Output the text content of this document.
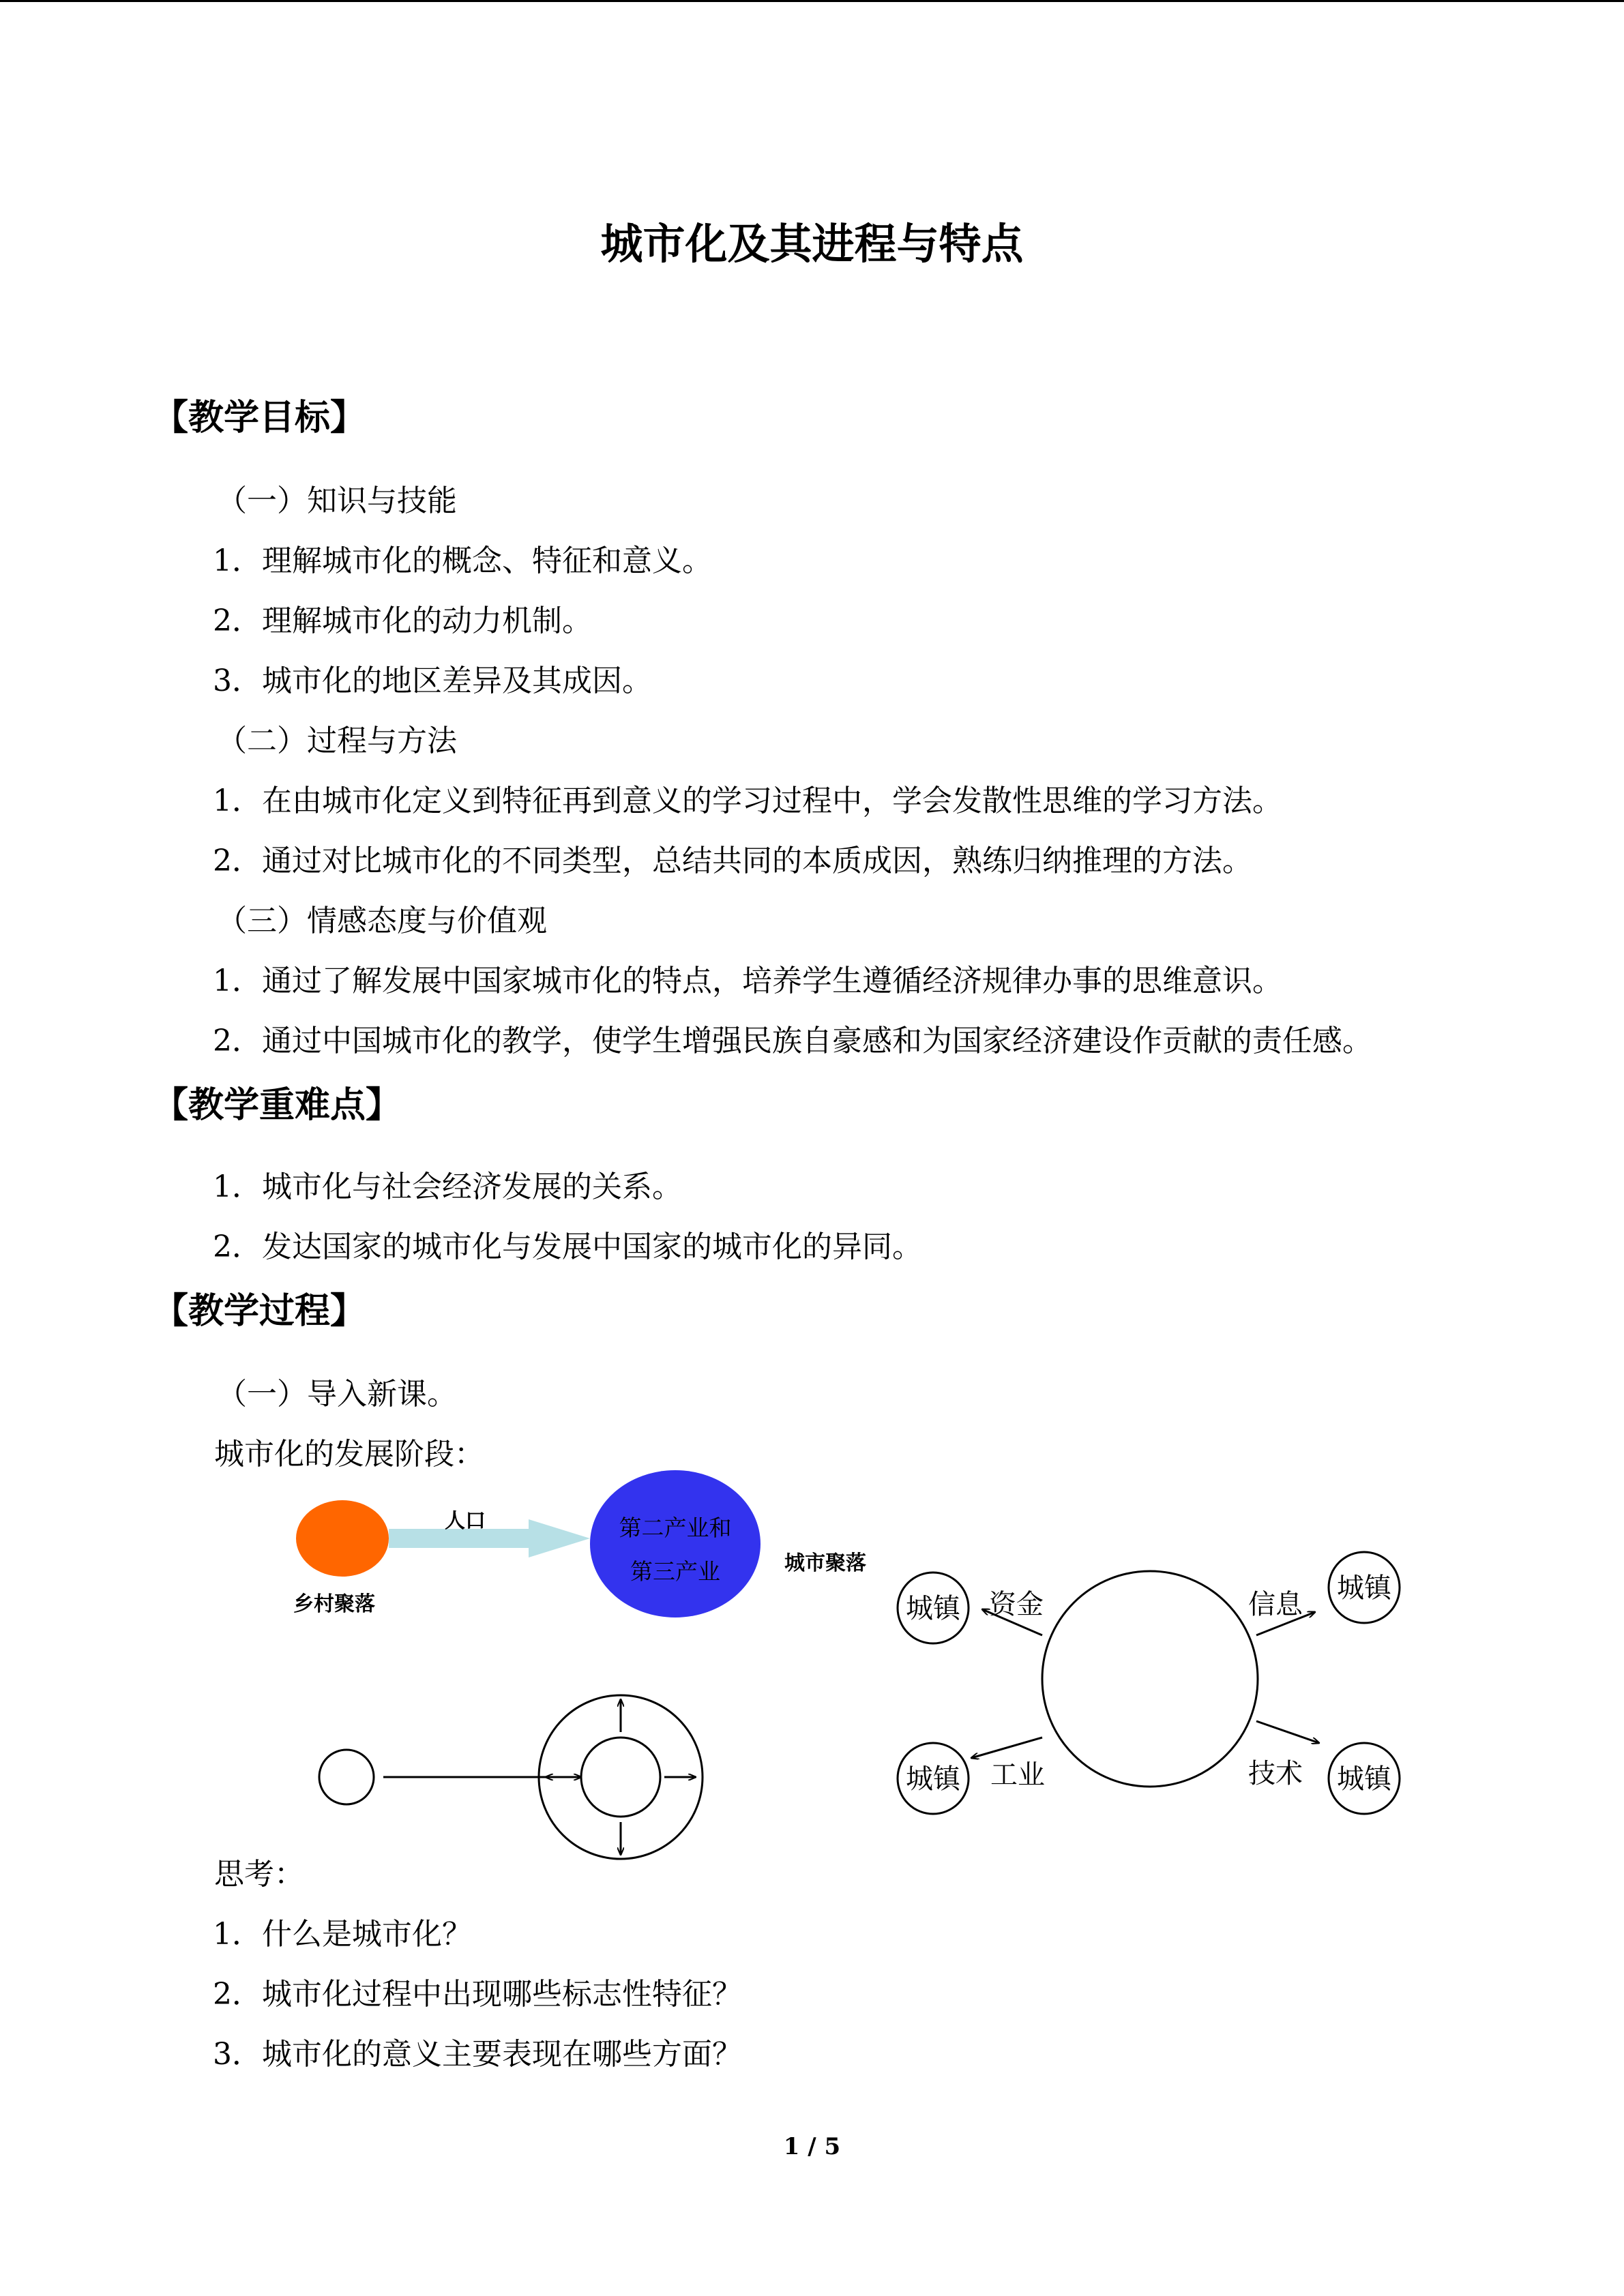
城市化及其进程与特点
【教学目标】
（一）知识与技能
1．理解城市化的概念、特征和意义。
2．理解城市化的动力机制。
3．城市化的地区差异及其成因。
（二）过程与方法
1．在由城市化定义到特征再到意义的学习过程中，学会发散性思维的学习方法。
2．通过对比城市化的不同类型，总结共同的本质成因，熟练归纳推理的方法。
（三）情感态度与价值观
1．通过了解发展中国家城市化的特点，培养学生遵循经济规律办事的思维意识。
2．通过中国城市化的教学，使学生增强民族自豪感和为国家经济建设作贡献的责任感。
【教学重难点】
1．城市化与社会经济发展的关系。
2．发达国家的城市化与发展中国家的城市化的异同。
【教学过程】
（一）导入新课。
城市化的发展阶段：
乡村聚落
人口	第二产业和
第三产业	城市聚落
城镇
城镇
城镇	城镇
资金	信息
工业	技术
思考：
1．什么是城市化？
2．城市化过程中出现哪些标志性特征？
3．城市化的意义主要表现在哪些方面？
1 / 5
